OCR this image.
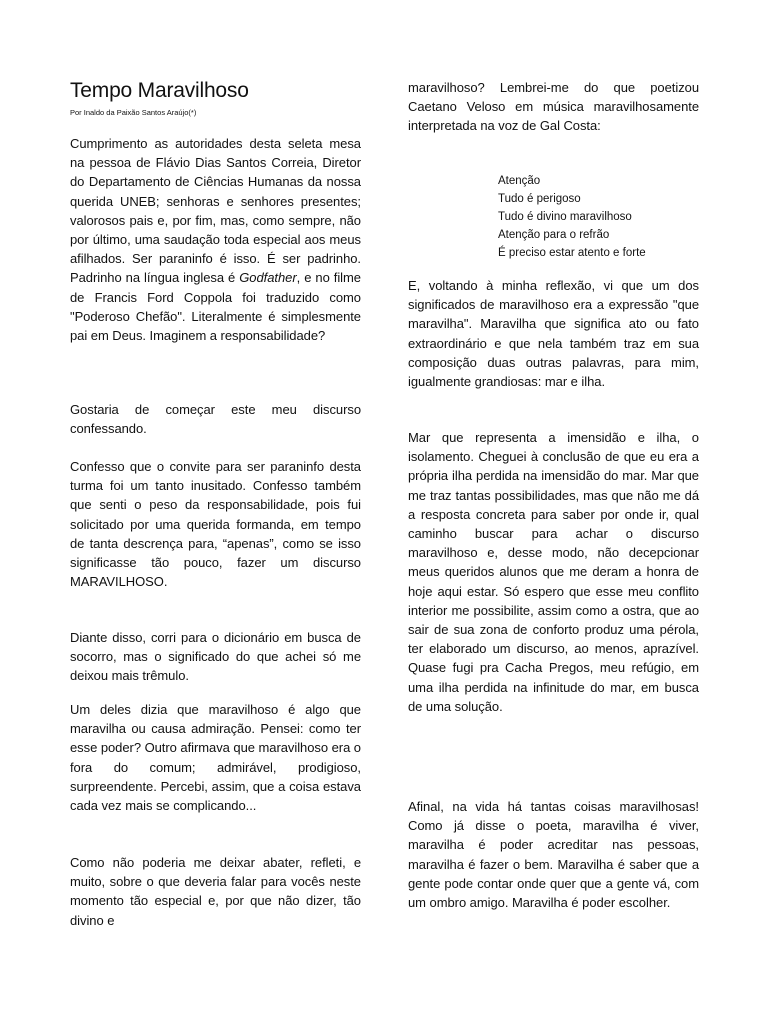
Tempo Maravilhoso
Por Inaldo da Paixão Santos Araújo(*)

Cumprimento as autoridades desta seleta mesa na pessoa de Flávio Dias Santos Correia, Diretor do Departamento de Ciências Humanas da nossa querida UNEB; senhoras e senhores presentes; valorosos pais e, por fim, mas, como sempre, não por último, uma saudação toda especial aos meus afilhados. Ser paraninfo é isso. É ser padrinho. Padrinho na língua inglesa é Godfather, e no filme de Francis Ford Coppola foi traduzido como "Poderoso Chefão". Literalmente é simplesmente pai em Deus. Imaginem a responsabilidade?

Gostaria de começar este meu discurso confessando.

Confesso que o convite para ser paraninfo desta turma foi um tanto inusitado. Confesso também que senti o peso da responsabilidade, pois fui solicitado por uma querida formanda, em tempo de tanta descrença para, “apenas”, como se isso significasse tão pouco, fazer um discurso MARAVILHOSO.

Diante disso, corri para o dicionário em busca de socorro, mas o significado do que achei só me deixou mais trêmulo.

Um deles dizia que maravilhoso é algo que maravilha ou causa admiração. Pensei: como ter esse poder? Outro afirmava que maravilhoso era o fora do comum; admirável, prodigioso, surpreendente. Percebi, assim, que a coisa estava cada vez mais se complicando...

Como não poderia me deixar abater, refleti, e muito, sobre o que deveria falar para vocês neste momento tão especial e, por que não dizer, tão divino e

maravilhoso? Lembrei-me do que poetizou Caetano Veloso em música maravilhosamente interpretada na voz de Gal Costa:

Atenção
Tudo é perigoso
Tudo é divino maravilhoso
Atenção para o refrão
É preciso estar atento e forte

E, voltando à minha reflexão, vi que um dos significados de maravilhoso era a expressão "que maravilha". Maravilha que significa ato ou fato extraordinário e que nela também traz em sua composição duas outras palavras, para mim, igualmente grandiosas: mar e ilha.

Mar que representa a imensidão e ilha, o isolamento. Cheguei à conclusão de que eu era a própria ilha perdida na imensidão do mar. Mar que me traz tantas possibilidades, mas que não me dá a resposta concreta para saber por onde ir, qual caminho buscar para achar o discurso maravilhoso e, desse modo, não decepcionar meus queridos alunos que me deram a honra de hoje aqui estar. Só espero que esse meu conflito interior me possibilite, assim como a ostra, que ao sair de sua zona de conforto produz uma pérola, ter elaborado um discurso, ao menos, aprazível. Quase fugi pra Cacha Pregos, meu refúgio, em uma ilha perdida na infinitude do mar, em busca de uma solução.

Afinal, na vida há tantas coisas maravilhosas! Como já disse o poeta, maravilha é viver, maravilha é poder acreditar nas pessoas, maravilha é fazer o bem. Maravilha é saber que a gente pode contar onde quer que a gente vá, com um ombro amigo. Maravilha é poder escolher.
